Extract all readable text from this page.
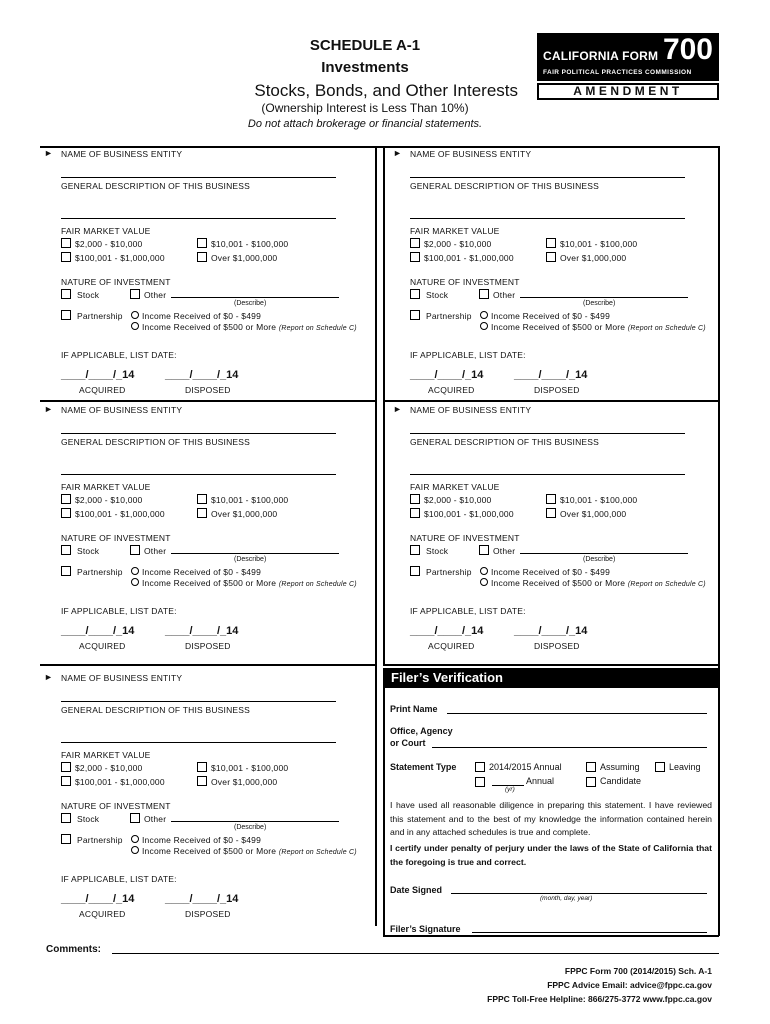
SCHEDULE A-1
Investments
Stocks, Bonds, and Other Interests
(Ownership Interest is Less Than 10%)
Do not attach brokerage or financial statements.
CALIFORNIA FORM 700
FAIR POLITICAL PRACTICES COMMISSION
AMENDMENT
► NAME OF BUSINESS ENTITY
GENERAL DESCRIPTION OF THIS BUSINESS
FAIR MARKET VALUE
$2,000 - $10,000	$10,001 - $100,000
$100,001 - $1,000,000	Over $1,000,000
NATURE OF INVESTMENT
Stock	Other
(Describe)
Partnership Income Received of $0 - $499
Income Received of $500 or More (Report on Schedule C)
IF APPLICABLE, LIST DATE:
____/____/_14	____/____/_14
ACQUIRED	DISPOSED
► NAME OF BUSINESS ENTITY
GENERAL DESCRIPTION OF THIS BUSINESS
FAIR MARKET VALUE
$2,000 - $10,000	$10,001 - $100,000
$100,001 - $1,000,000	Over $1,000,000
NATURE OF INVESTMENT
Stock	Other
(Describe)
Partnership Income Received of $0 - $499
Income Received of $500 or More (Report on Schedule C)
IF APPLICABLE, LIST DATE:
____/____/_14	____/____/_14
ACQUIRED	DISPOSED
► NAME OF BUSINESS ENTITY
GENERAL DESCRIPTION OF THIS BUSINESS
FAIR MARKET VALUE
$2,000 - $10,000	$10,001 - $100,000
$100,001 - $1,000,000	Over $1,000,000
NATURE OF INVESTMENT
Stock	Other
(Describe)
Partnership Income Received of $0 - $499
Income Received of $500 or More (Report on Schedule C)
IF APPLICABLE, LIST DATE:
____/____/_14	____/____/_14
ACQUIRED	DISPOSED
► NAME OF BUSINESS ENTITY
GENERAL DESCRIPTION OF THIS BUSINESS
FAIR MARKET VALUE
$2,000 - $10,000	$10,001 - $100,000
$100,001 - $1,000,000	Over $1,000,000
NATURE OF INVESTMENT
Stock	Other
(Describe)
Partnership Income Received of $0 - $499
Income Received of $500 or More (Report on Schedule C)
IF APPLICABLE, LIST DATE:
____/____/_14	____/____/_14
ACQUIRED	DISPOSED
► NAME OF BUSINESS ENTITY
GENERAL DESCRIPTION OF THIS BUSINESS
FAIR MARKET VALUE
$2,000 - $10,000	$10,001 - $100,000
$100,001 - $1,000,000	Over $1,000,000
NATURE OF INVESTMENT
Stock	Other
(Describe)
Partnership Income Received of $0 - $499
Income Received of $500 or More (Report on Schedule C)
IF APPLICABLE, LIST DATE:
____/____/_14	____/____/_14
ACQUIRED	DISPOSED
Filer’s Verification
Print Name
Office, Agency
or Court
Statement Type	2014/2015 Annual	Assuming	Leaving
Annual
(yr)
Candidate
I have used all reasonable diligence in preparing this statement. I have reviewed this statement and to the best of my knowledge the information contained herein and in any attached schedules is true and complete.
I certify under penalty of perjury under the laws of the State of California that the foregoing is true and correct.
Date Signed
(month, day, year)
Filer’s Signature
Comments:
FPPC Form 700 (2014/2015) Sch. A-1
FPPC Advice Email: advice@fppc.ca.gov
FPPC Toll-Free Helpline: 866/275-3772 www.fppc.ca.gov
